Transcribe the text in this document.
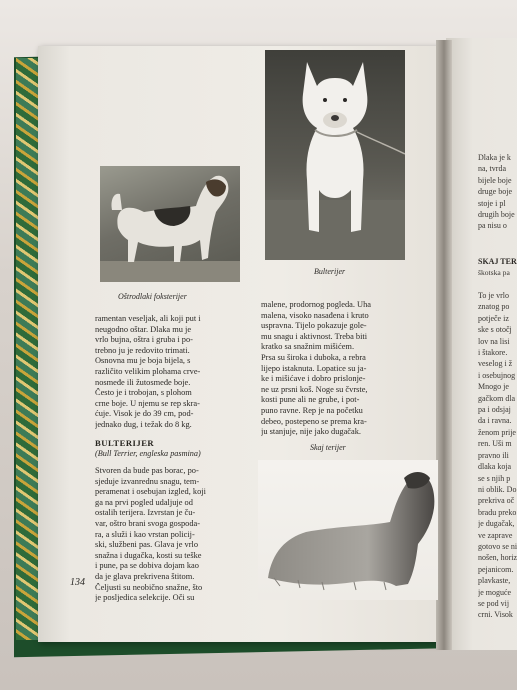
Oštrodlaki foksterijer
Bulterijer
Skaj terijer
ramentan veseljak, ali koji put i
neugodno oštar. Dlaka mu je
vrlo bujna, oštra i gruba i po-
trebno ju je redovito trimati.
Osnovna mu je boja bijela, s
različito velikim plohama crve-
nosmeđe ili žutosmeđe boje.
Često je i trobojan, s plohom
crne boje. U njemu se rep skra-
ćuje. Visok je do 39 cm, pod-
jednako dug, i težak do 8 kg.
BULTERIJER
(Bull Terrier, engleska pasmina)
Stvoren da bude pas borac, po-
sjeduje izvanrednu snagu, tem-
peramenat i osebujan izgled, koji
ga na prvi pogled udaljuje od
ostalih terijera. Izvrstan je ču-
var, oštro brani svoga gospoda-
ra, a služi i kao vrstan policij-
ski, službeni pas. Glava je vrlo
snažna i dugačka, kosti su teške
i pune, pa se dobiva dojam kao
da je glava prekrivena štitom.
Čeljusti su neobično snažne, što
je posljedica selekcije. Oči su
malene, prodornog pogleda. Uha
malena, visoko nasađena i kruto
uspravna. Tijelo pokazuje gole-
mu snagu i aktivnost. Treba biti
kratko sa snažnim mišićem.
Prsa su široka i duboka, a rebra
lijepo istaknuta. Lopatice su ja-
ke i mišićave i dobro prislonje-
ne uz prsni koš. Noge su čvrste,
kosti pune ali ne grube, i pot-
puno ravne. Rep je na početku
debeo, postepeno se prema kra-
ju stanjuje, nije jako dugačak.
134
Dlaka je k
na, tvrda
bijele boje
druge boje
stoje i pl
drugih boje
pa nisu o
SKAJ TER
škotska pa
To je vrlo
znatog po
potječe iz
ske s otočj
lov na lisi
i štakore.
veselog i ž
i osebujnog
Mnogo je
gačkom dla
pa i odsjaj
da i ravna.
ženom prije
ren. Uši m
pravno ili
dlaka koja
se s njih p
ni oblik. Do
prekriva oč
bradu preko
je dugačak,
ve zaprave
gotovo se ni
nošen, horiz
pejanicom.
plavkaste,
je moguće
se pod vij
crni. Visok
